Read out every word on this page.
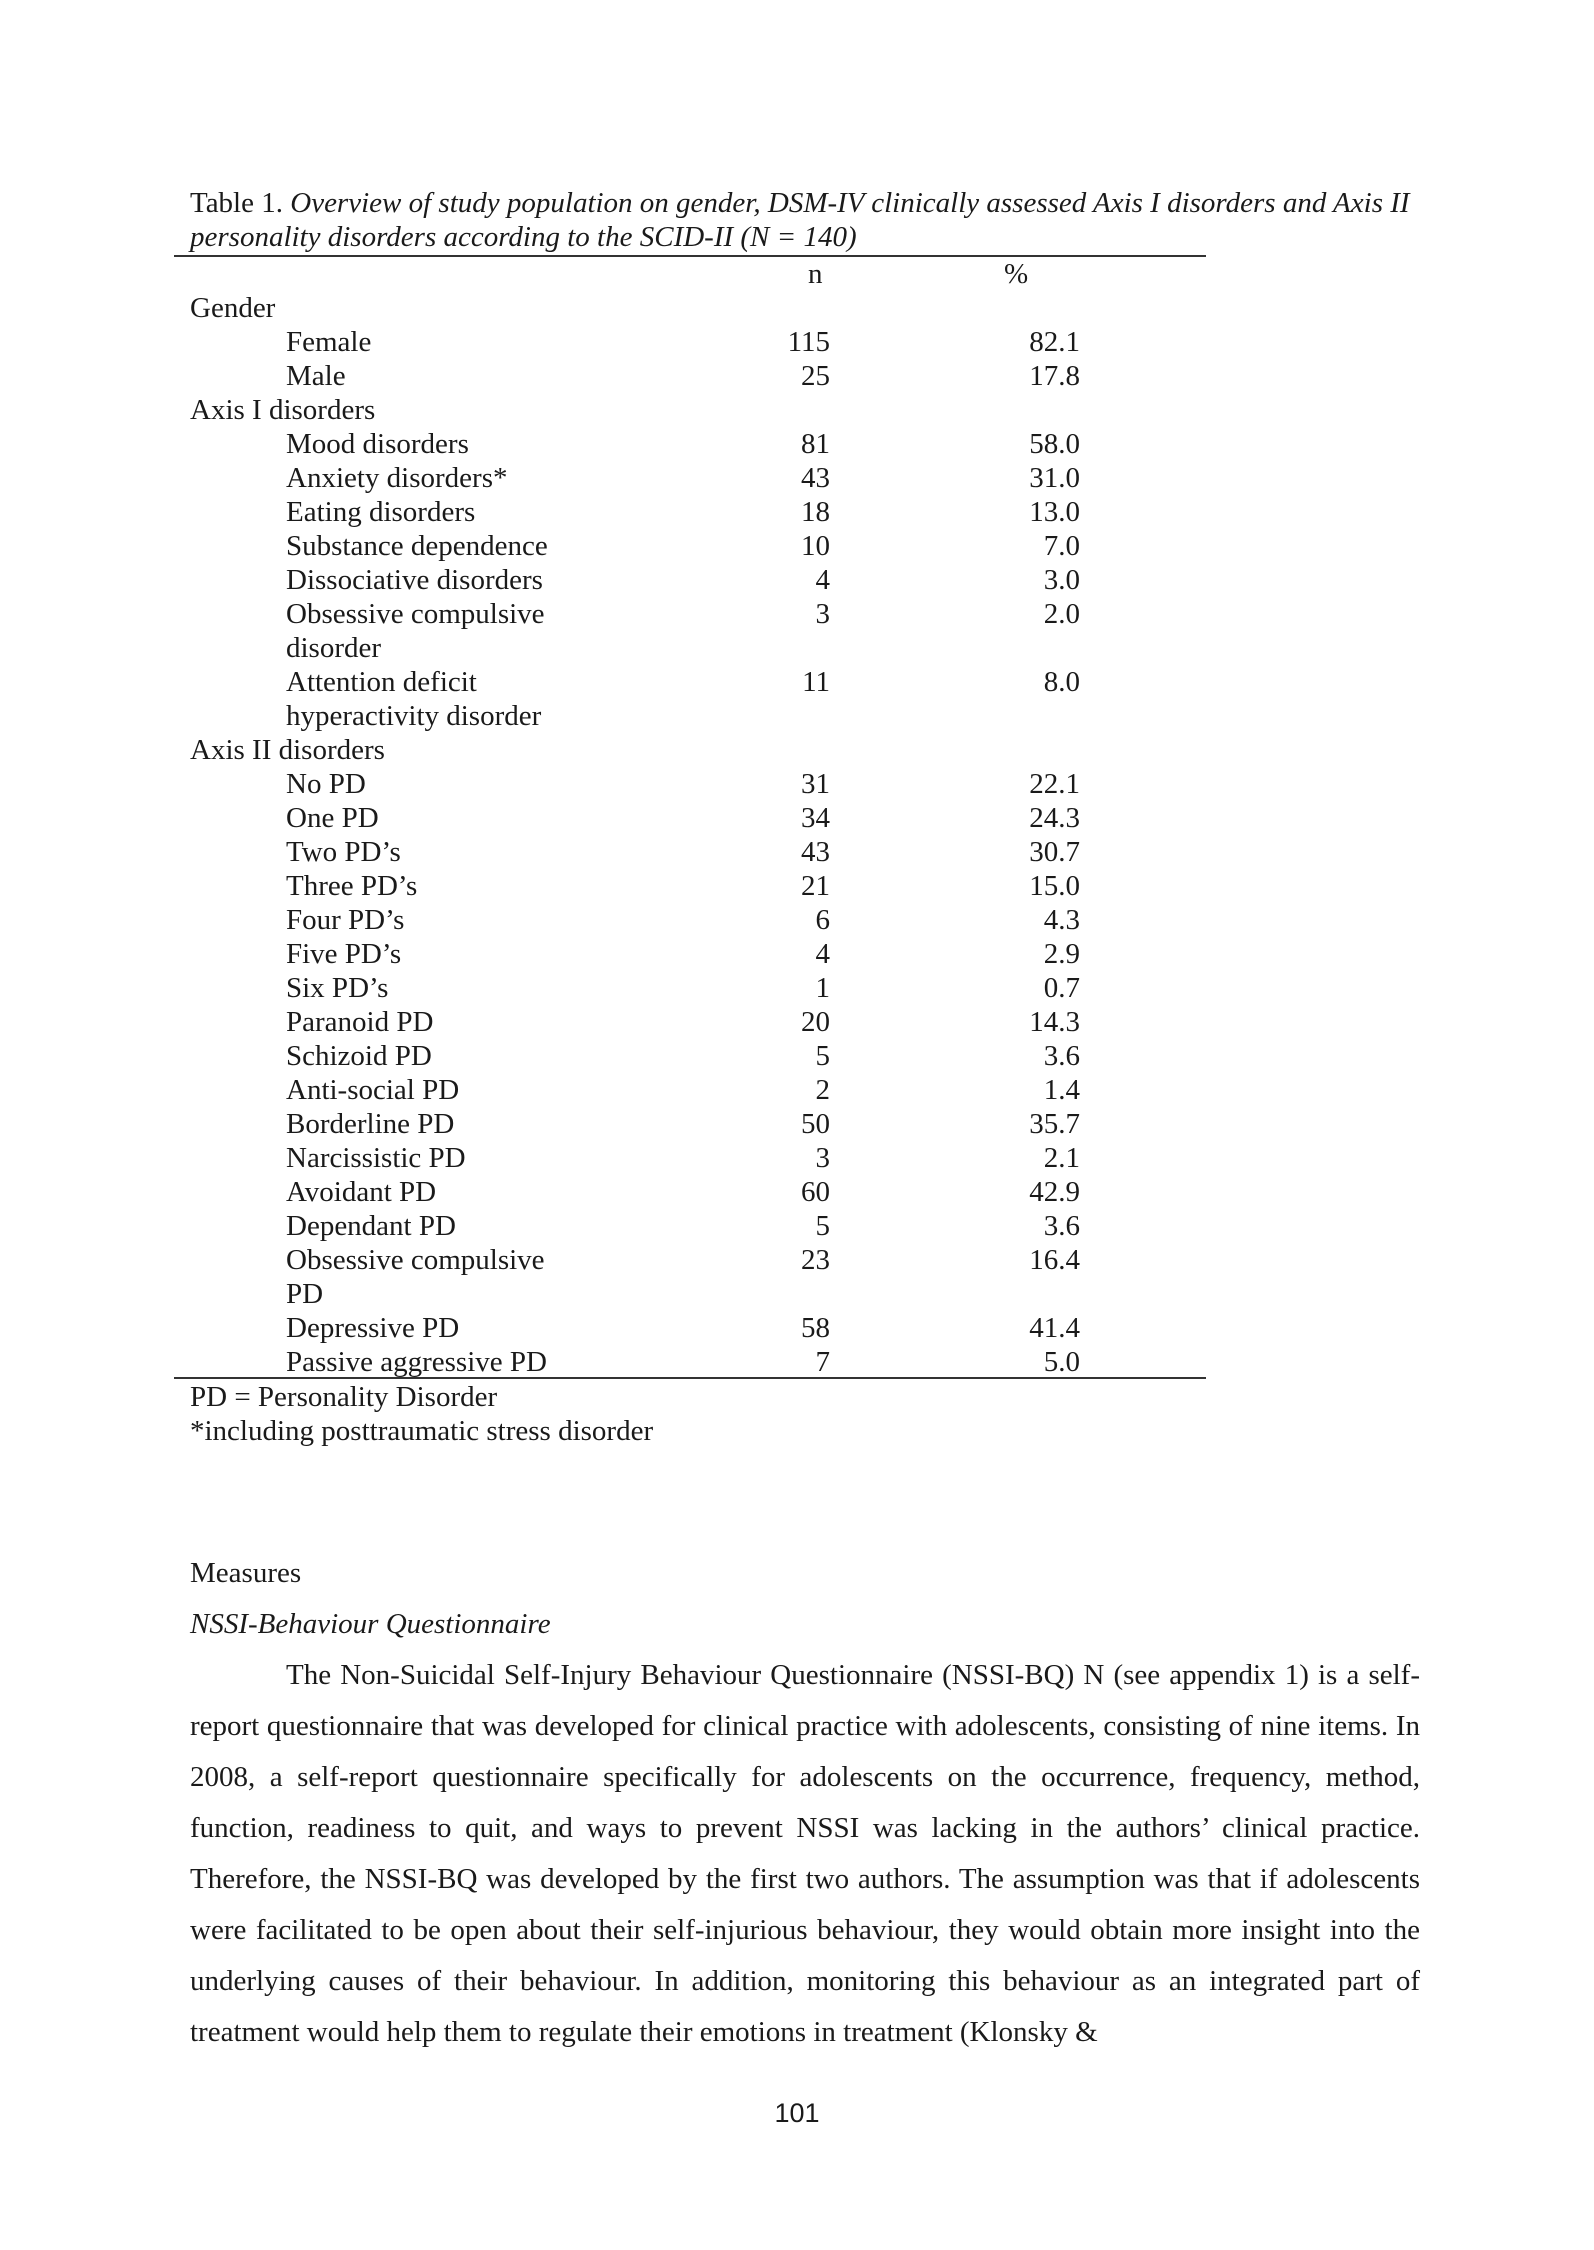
Table 1. Overview of study population on gender, DSM-IV clinically assessed Axis I disorders and Axis II personality disorders according to the SCID-II (N = 140)
	n	%
Gender		
Female	115	82.1
Male	25	17.8
Axis I disorders		
Mood disorders	81	58.0
Anxiety disorders*	43	31.0
Eating disorders	18	13.0
Substance dependence	10	7.0
Dissociative disorders	4	3.0
Obsessive compulsive
disorder	3	2.0
Attention deficit
hyperactivity disorder	11	8.0
Axis II disorders		
No PD	31	22.1
One PD	34	24.3
Two PD’s	43	30.7
Three PD’s	21	15.0
Four PD’s	6	4.3
Five PD’s	4	2.9
Six PD’s	1	0.7
Paranoid PD	20	14.3
Schizoid PD	5	3.6
Anti-social PD	2	1.4
Borderline PD	50	35.7
Narcissistic PD	3	2.1
Avoidant PD	60	42.9
Dependant PD	5	3.6
Obsessive compulsive
PD	23	16.4
Depressive PD	58	41.4
Passive aggressive PD	7	5.0
PD = Personality Disorder
*including posttraumatic stress disorder

Measures

NSSI-Behaviour Questionnaire

The Non-Suicidal Self-Injury Behaviour Questionnaire (NSSI-BQ) N (see appendix 1) is a self-report questionnaire that was developed for clinical practice with adolescents, consisting of nine items. In 2008, a self-report questionnaire specifically for adolescents on the occurrence, frequency, method, function, readiness to quit, and ways to prevent NSSI was lacking in the authors’ clinical practice. Therefore, the NSSI-BQ was developed by the first two authors. The assumption was that if adolescents were facilitated to be open about their self-injurious behaviour, they would obtain more insight into the underlying causes of their behaviour. In addition, monitoring this behaviour as an integrated part of treatment would help them to regulate their emotions in treatment (Klonsky &

101
